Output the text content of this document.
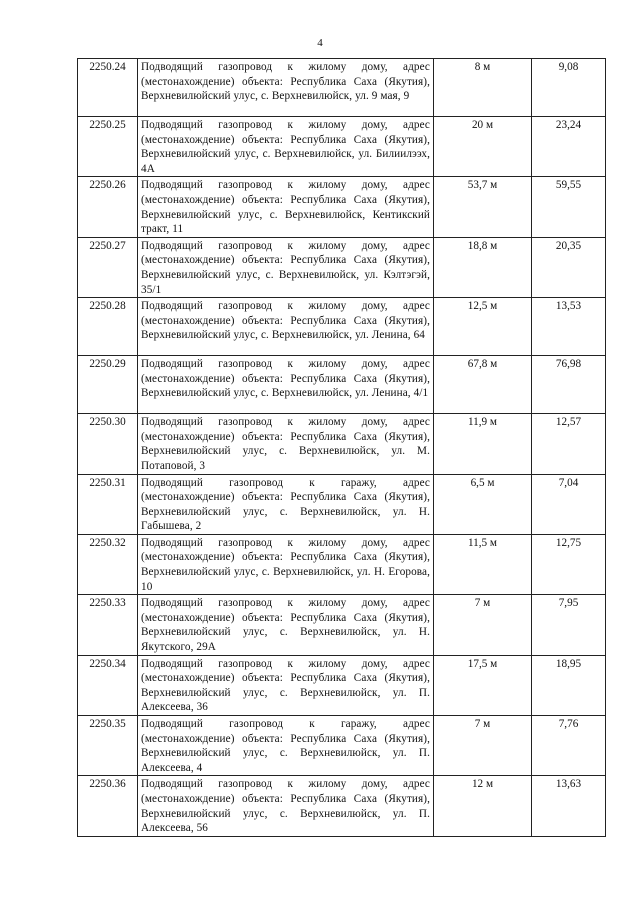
4
2250.24	Подводящий газопровод к жилому дому, адрес (местонахождение) объекта: Республика Саха (Якутия), Верхневилюйский улус, с. Верхневилюйск, ул. 9 мая, 9	8 м	9,08
2250.25	Подводящий газопровод к жилому дому, адрес (местонахождение) объекта: Республика Саха (Якутия), Верхневилюйский улус, с. Верхневилюйск, ул. Билиилээх, 4А	20 м	23,24
2250.26	Подводящий газопровод к жилому дому, адрес (местонахождение) объекта: Республика Саха (Якутия), Верхневилюйский улус, с. Верхневилюйск, Кентикский тракт, 11	53,7 м	59,55
2250.27	Подводящий газопровод к жилому дому, адрес (местонахождение) объекта: Республика Саха (Якутия), Верхневилюйский улус, с. Верхневилюйск, ул. Кэлтэгэй, 35/1	18,8 м	20,35
2250.28	Подводящий газопровод к жилому дому, адрес (местонахождение) объекта: Республика Саха (Якутия), Верхневилюйский улус, с. Верхневилюйск, ул. Ленина, 64	12,5 м	13,53
2250.29	Подводящий газопровод к жилому дому, адрес (местонахождение) объекта: Республика Саха (Якутия), Верхневилюйский улус, с. Верхневилюйск, ул. Ленина, 4/1	67,8 м	76,98
2250.30	Подводящий газопровод к жилому дому, адрес (местонахождение) объекта: Республика Саха (Якутия), Верхневилюйский улус, с. Верхневилюйск, ул. М. Потаповой, 3	11,9 м	12,57
2250.31	Подводящий газопровод к гаражу, адрес (местонахождение) объекта: Республика Саха (Якутия), Верхневилюйский улус, с. Верхневилюйск, ул. Н. Габышева, 2	6,5 м	7,04
2250.32	Подводящий газопровод к жилому дому, адрес (местонахождение) объекта: Республика Саха (Якутия), Верхневилюйский улус, с. Верхневилюйск, ул. Н. Егорова, 10	11,5 м	12,75
2250.33	Подводящий газопровод к жилому дому, адрес (местонахождение) объекта: Республика Саха (Якутия), Верхневилюйский улус, с. Верхневилюйск, ул. Н. Якутского, 29А	7 м	7,95
2250.34	Подводящий газопровод к жилому дому, адрес (местонахождение) объекта: Республика Саха (Якутия), Верхневилюйский улус, с. Верхневилюйск, ул. П. Алексеева, 36	17,5 м	18,95
2250.35	Подводящий газопровод к гаражу, адрес (местонахождение) объекта: Республика Саха (Якутия), Верхневилюйский улус, с. Верхневилюйск, ул. П. Алексеева, 4	7 м	7,76
2250.36	Подводящий газопровод к жилому дому, адрес (местонахождение) объекта: Республика Саха (Якутия), Верхневилюйский улус, с. Верхневилюйск, ул. П. Алексеева, 56	12 м	13,63
